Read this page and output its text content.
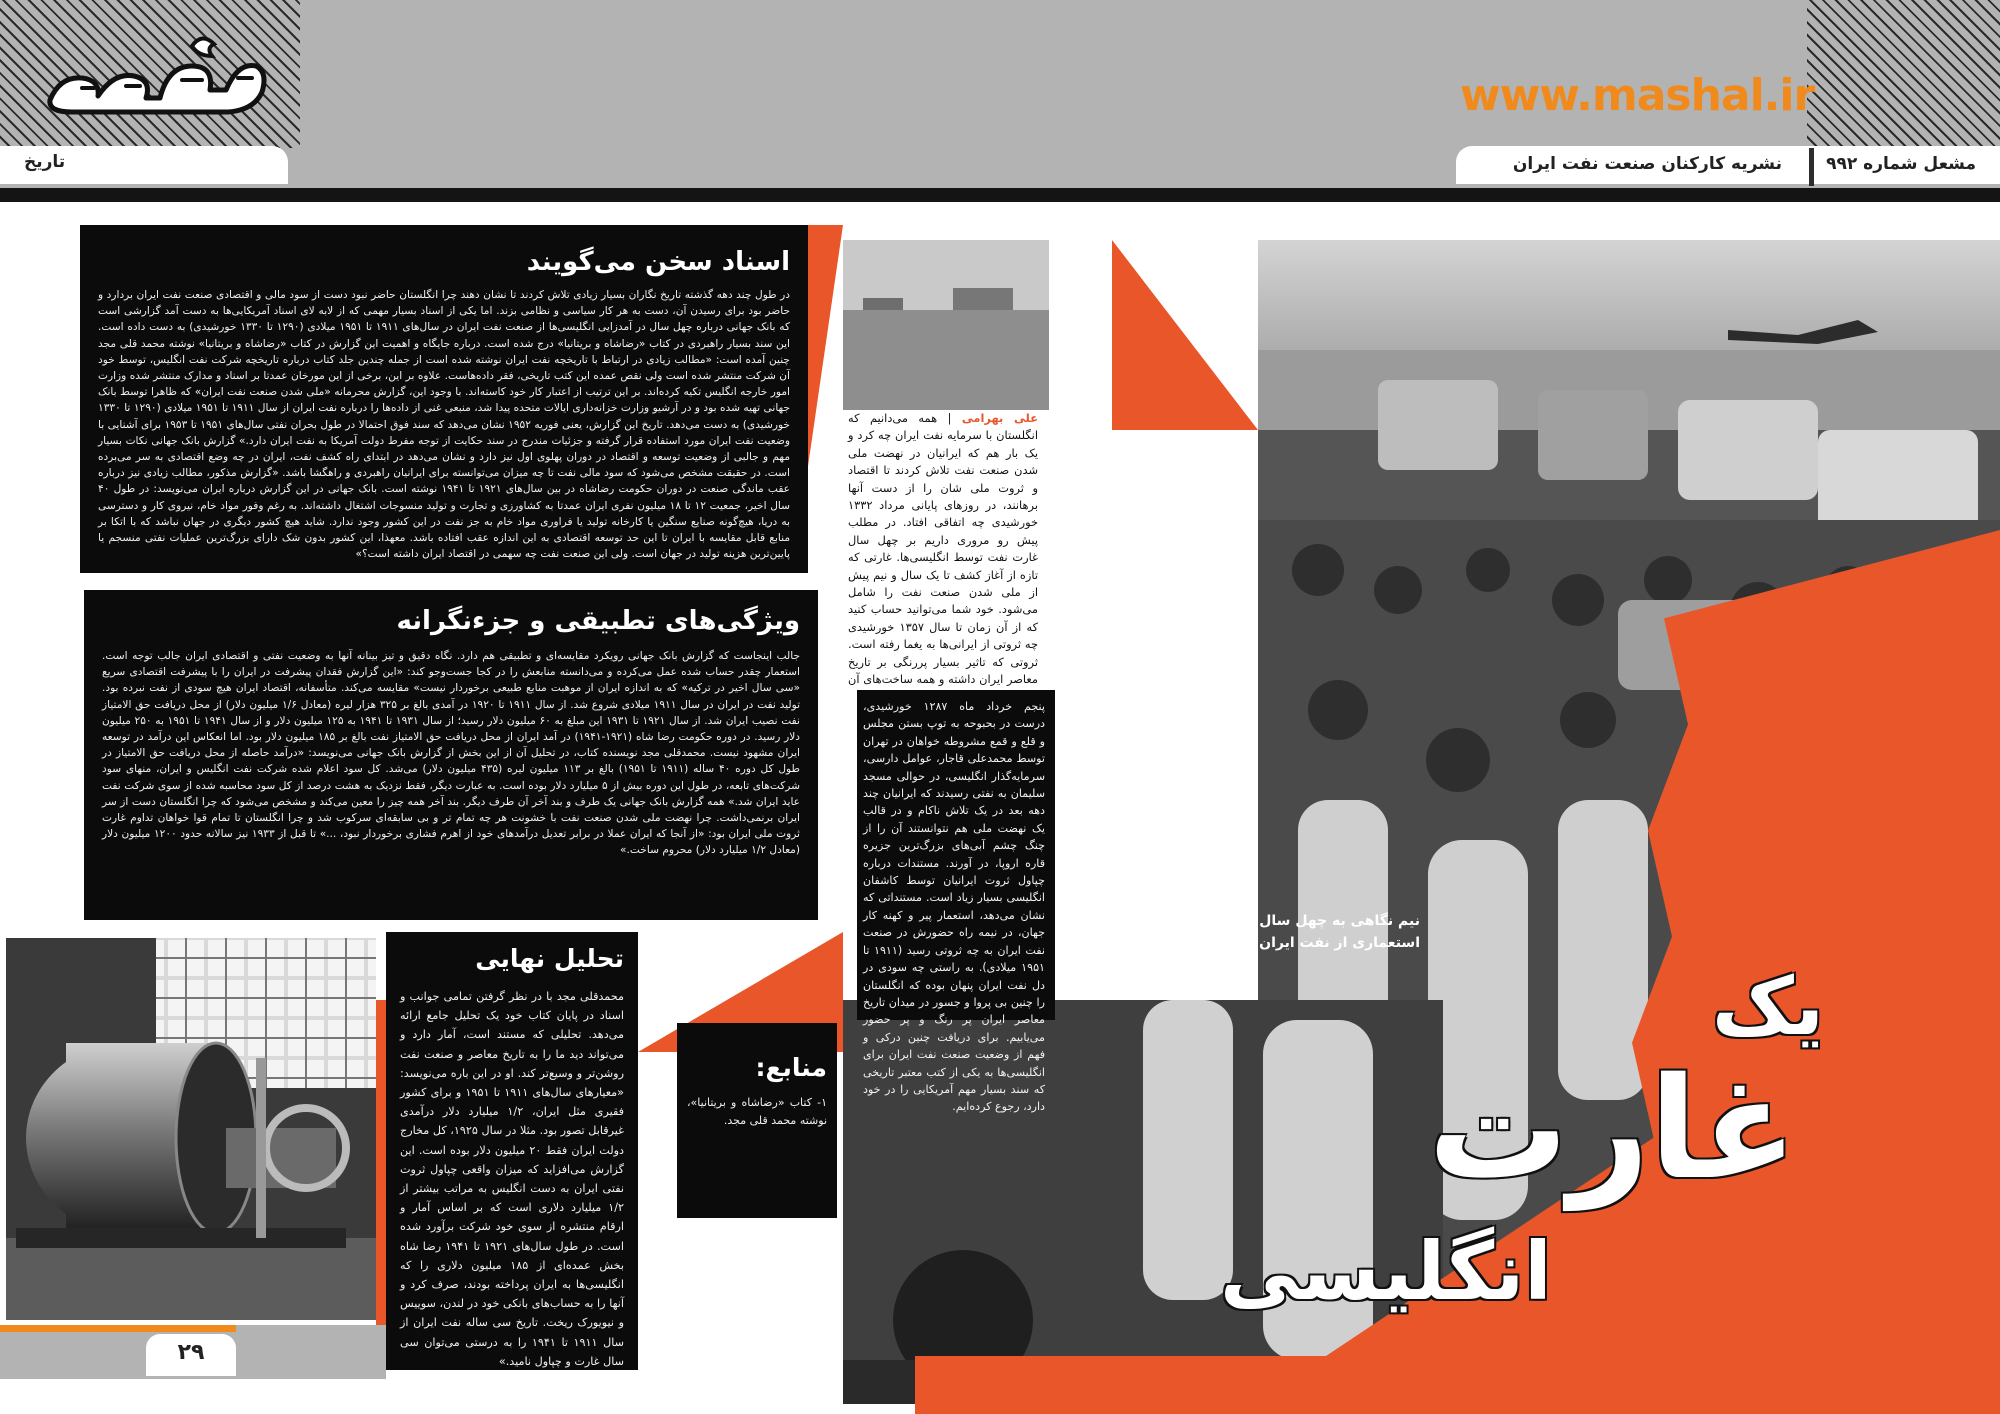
www.mashal.ir
تاریخ	مشعل شماره ۹۹۲
نشریه کارکنان صنعت نفت ایران
اسناد سخن می‌گویند

در طول چند دهه گذشته تاریخ نگاران بسیار زیادی تلاش کردند تا نشان دهند چرا انگلستان حاضر نبود دست از سود مالی و اقتصادی صنعت نفت ایران بردارد و حاضر بود برای رسیدن آن، دست به هر کار سیاسی و نظامی بزند. اما یکی از اسناد بسیار مهمی که از لابه لای اسناد آمریکایی‌ها به دست آمد گزارشی است که بانک جهانی درباره چهل سال در آمدزایی انگلیسی‌ها از صنعت نفت ایران در سال‌های ۱۹۱۱ تا ۱۹۵۱ میلادی (۱۲۹۰ تا ۱۳۳۰ خورشیدی) به دست داده است. این سند بسیار راهبردی در کتاب «رضاشاه و بریتانیا» درج شده است. درباره جایگاه و اهمیت این گزارش در کتاب «رضاشاه و بریتانیا» نوشته محمد قلی مجد چنین آمده است: «مطالب زیادی در ارتباط با تاریخچه نفت ایران نوشته شده است از جمله چندین جلد کتاب درباره تاریخچه شرکت نفت انگلیس، توسط خود آن شرکت منتشر شده است ولی نقص عمده این کتب تاریخی، فقر داده‌هاست. علاوه بر این، برخی از این مورخان عمدتا بر اسناد و مدارک منتشر شده وزارت امور خارجه انگلیس تکیه کرده‌اند. بر این ترتیب از اعتبار کار خود کاسته‌اند. با وجود این، گزارش محرمانه «ملی شدن صنعت نفت ایران» که ظاهرا توسط بانک جهانی تهیه شده بود و در آرشیو وزارت خزانه‌داری ایالات متحده پیدا شد، منبعی غنی از داده‌ها را درباره نفت ایران از سال ۱۹۱۱ تا ۱۹۵۱ میلادی (۱۲۹۰ تا ۱۳۳۰ خورشیدی) به دست می‌دهد. تاریخ این گزارش، یعنی فوریه ۱۹۵۲ نشان می‌دهد که سند فوق احتمالا در طول بحران نفتی سال‌های ۱۹۵۱ تا ۱۹۵۳ برای آشنایی با وضعیت نفت ایران مورد استفاده قرار گرفته و جزئیات مندرج در سند حکایت از توجه مفرط دولت آمریکا به نفت ایران دارد.» گزارش بانک جهانی نکات بسیار مهم و جالبی از وضعیت توسعه و اقتصاد در دوران پهلوی اول نیز دارد و نشان می‌دهد در ابتدای راه کشف نفت، ایران در چه وضع اقتصادی به سر می‌برده است. در حقیقت مشخص می‌شود که سود مالی نفت تا چه میزان می‌توانسته برای ایرانیان راهبردی و راهگشا باشد. «گزارش مذکور، مطالب زیادی نیز درباره عقب ماندگی صنعت در دوران حکومت رضاشاه در بین سال‌های ۱۹۲۱ تا ۱۹۴۱ نوشته است. بانک جهانی در این گزارش درباره ایران می‌نویسد: در طول ۴۰ سال اخیر، جمعیت ۱۲ تا ۱۸ میلیون نفری ایران عمدتا به کشاورزی و تجارت و تولید منسوجات اشتغال داشته‌اند. به رغم وفور مواد خام، نیروی کار و دسترسی به دریا، هیچ‌گونه صنایع سنگین یا کارخانه تولید یا فراوری مواد خام به جز نفت در این کشور وجود ندارد. شاید هیچ کشور دیگری در جهان نباشد که با اتکا بر منابع قابل مقایسه با ایران تا این حد توسعه اقتصادی به این اندازه عقب افتاده باشد. معهذا، این کشور بدون شک دارای بزرگ‌ترین عملیات نفتی منسجم یا پایین‌ترین هزینه تولید در جهان است. ولی این صنعت نفت چه سهمی در اقتصاد ایران داشته است؟»

ویژگی‌های تطبیقی و جزءنگرانه

جالب اینجاست که گزارش بانک جهانی رویکرد مقایسه‌ای و تطبیقی هم دارد. نگاه دقیق و تیز بینانه آنها به وضعیت نفتی و اقتصادی ایران جالب توجه است. استعمار چقدر حساب شده عمل می‌کرده و می‌دانسته منابعش را در کجا جست‌وجو کند: «این گزارش فقدان پیشرفت در ایران را با پیشرفت اقتصادی سریع «سی سال اخیر در ترکیه» که به اندازه ایران از موهبت منابع طبیعی برخوردار نیست» مقایسه می‌کند. متأسفانه، اقتصاد ایران هیچ سودی از نفت نبرده بود. تولید نفت در ایران در سال ۱۹۱۱ میلادی شروع شد. از سال ۱۹۱۱ تا ۱۹۲۰ در آمدی بالغ بر ۳۲۵ هزار لیره (معادل ۱/۶ میلیون دلار) از محل دریافت حق الامتیاز نفت نصیب ایران شد. از سال ۱۹۲۱ تا ۱۹۳۱ این مبلغ به ۶۰ میلیون دلار رسید؛ از سال ۱۹۳۱ تا ۱۹۴۱ به ۱۲۵ میلیون دلار و از سال ۱۹۴۱ تا ۱۹۵۱ به ۲۵۰ میلیون دلار رسید. در دوره حکومت رضا شاه (۱۹۲۱-۱۹۴۱) در آمد ایران از محل دریافت حق الامتیاز نفت بالغ بر ۱۸۵ میلیون دلار بود. اما انعکاس این درآمد در توسعه ایران مشهود نیست. محمدقلی مجد نویسنده کتاب، در تحلیل آن از این بخش از گزارش بانک جهانی می‌نویسد: «درآمد حاصله از محل دریافت حق الامتیاز در طول کل دوره ۴۰ ساله (۱۹۱۱ تا ۱۹۵۱) بالغ بر ۱۱۳ میلیون لیره (۴۳۵ میلیون دلار) می‌شد. کل سود اعلام شده شرکت نفت انگلیس و ایران، منهای سود شرکت‌های تابعه، در طول این دوره بیش از ۵ میلیارد دلار بوده است. به عبارت دیگر، فقط نزدیک به هشت درصد از کل سود محاسبه شده از سوی شرکت نفت عاید ایران شد.» همه گزارش بانک جهانی یک طرف و بند آخر آن طرف دیگر. بند آخر همه چیز را معین می‌کند و مشخص می‌شود که چرا انگلستان دست از سر ایران برنمی‌داشت. چرا نهضت ملی شدن صنعت نفت با خشونت هر چه تمام تر و بی سابقه‌ای سرکوب شد و چرا انگلستان تا تمام قوا خواهان تداوم غارت ثروت ملی ایران بود: «از آنجا که ایران عملا در برابر تعدیل درآمدهای خود از اهرم فشاری برخوردار نبود، ...» تا قبل از ۱۹۳۳ نیز سالانه حدود ۱۲۰۰ میلیون دلار (معادل ۱/۲ میلیارد دلار) محروم ساخت.»

تحلیل نهایی

محمدقلی مجد با در نظر گرفتن تمامی جوانب و اسناد در پایان کتاب خود یک تحلیل جامع ارائه می‌دهد. تحلیلی که مستند است، آمار دارد و می‌تواند دید ما را به تاریخ معاصر و صنعت نفت روشن‌تر و وسیع‌تر کند. او در این باره می‌نویسد: «معیارهای سال‌های ۱۹۱۱ تا ۱۹۵۱ و برای کشور فقیری مثل ایران، ۱/۲ میلیارد دلار درآمدی غیرقابل تصور بود. مثلا در سال ۱۹۲۵، کل مخارج دولت ایران فقط ۲۰ میلیون دلار بوده است. این گزارش می‌افزاید که میزان واقعی چپاول ثروت نفتی ایران به دست انگلیس به مراتب بیشتر از ۱/۲ میلیارد دلاری است که بر اساس آمار و ارقام منتشره از سوی خود شرکت برآورد شده است. در طول سال‌های ۱۹۲۱ تا ۱۹۴۱ رضا شاه بخش عمده‌ای از ۱۸۵ میلیون دلاری را که انگلیسی‌ها به ایران پرداخته بودند، صرف کرد و آنها را به حساب‌های بانکی خود در لندن، سوییس و نیویورک ریخت. تاریخ سی ساله نفت ایران از سال ۱۹۱۱ تا ۱۹۴۱ را به درستی می‌توان سی سال غارت و چپاول نامید.»

منابع:

۱- کتاب «رضاشاه و بریتانیا»، نوشته محمد قلی مجد.

۲۹

علی بهرامی | همه می‌دانیم که انگلستان با سرمایه نفت ایران چه کرد و یک بار هم که ایرانیان در نهضت ملی شدن صنعت نفت تلاش کردند تا اقتصاد و ثروت ملی شان را از دست آنها برهانند، در روزهای پایانی مرداد ۱۳۳۲ خورشیدی چه اتفاقی افتاد. در مطلب پیش رو مروری داریم بر چهل سال غارت نفت توسط انگلیسی‌ها. غارتی که تازه از آغاز کشف تا یک سال و نیم پیش از ملی شدن صنعت نفت را شامل می‌شود. خود شما می‌توانید حساب کنید که از آن زمان تا سال ۱۳۵۷ خورشیدی چه ثروتی از ایرانی‌ها به یغما رفته است. ثروتی که تاثیر بسیار پررنگی بر تاریخ معاصر ایران داشته و همه ساخت‌های آن

پنجم خرداد ماه ۱۲۸۷ خورشیدی، درست در بحبوحه به توپ بستن مجلس و قلع و قمع مشروطه خواهان در تهران توسط محمدعلی قاجار، عوامل دارسی، سرمایه‌گذار انگلیسی، در حوالی مسجد سلیمان به نفتی رسیدند که ایرانیان چند دهه بعد در یک تلاش ناکام و در قالب یک نهضت ملی هم نتوانستند آن را از چنگ چشم آبی‌های بزرگ‌ترین جزیره قاره اروپا، در آورند. مستندات درباره چپاول ثروت ایرانیان توسط کاشفان انگلیسی بسیار زیاد است. مستنداتی که نشان می‌دهد، استعمار پیر و کهنه کار جهان، در نیمه راه حضورش در صنعت نفت ایران به چه ثروتی رسید (۱۹۱۱ تا ۱۹۵۱ میلادی). به راستی چه سودی در دل نفت ایران پنهان بوده که انگلستان را چنین بی پروا و جسور در میدان تاریخ معاصر ایران پر رنگ و پر حضور می‌یابیم. برای دریافت چنین درکی و فهم از وضعیت صنعت نفت ایران برای انگلیسی‌ها به یکی از کتب معتبر تاریخی که سند بسیار مهم آمریکایی را در خود دارد، رجوع کرده‌ایم.

نیم نگاهی به چهل سال بهره
استعماری از نفت ایران
یک
غارت
انگلیسی
